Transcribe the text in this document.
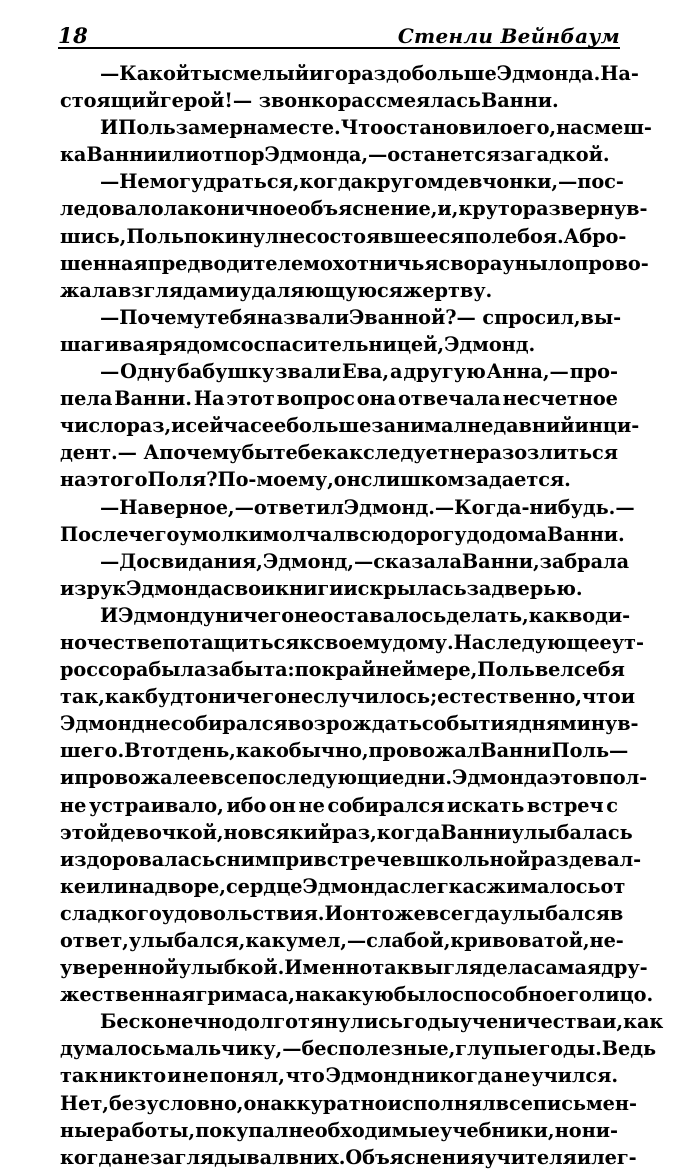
18	Стенли Вейнбаум

— Какой ты смелый и гораздо больше Эдмонда. На-
стоящий герой! — звонко рассмеялась Ванни.

И Поль замер на месте. Что остановило его, насмеш-
ка Ванни или отпор Эдмонда,— останется загадкой.

— Не могу драться, когда кругом девчонки,— пос-
ледовало лаконичное объяснение, и, круто развернув-
шись, Поль покинул несостоявшееся поле боя. А бро-
шенная предводителем охотничья свора уныло прово-
жала взглядами удаляющуюся жертву.

— Почему тебя назвали Эванной? — спросил, вы-
шагивая рядом со спасительницей, Эдмонд.

— Одну бабушку звали Ева, а другую Анна,— про-
пела Ванни. На этот вопрос она отвечала несчетное
число раз, и сейчас ее больше занимал недавний инци-
дент.— А почему бы тебе как следует не разозлиться
на этого Поля? По-моему, он слишком задается.

— Наверное,— ответил Эдмонд.— Когда-нибудь.—
После чего умолк и молчал всю дорогу до дома Ванни.

— До свидания, Эдмонд,— сказала Ванни, забрала
из рук Эдмонда свои книги и скрылась за дверью.

И Эдмонду ничего не оставалось делать, как в оди-
ночестве потащиться к своему дому. На следующее ут-
ро ссора была забыта: по крайней мере, Поль вел себя
так, как будто ничего не случилось; естественно, что и
Эдмонд не собирался возрождать события дня минув-
шего. В тот день, как обычно, провожал Ванни Поль —
и провожал ее все последующие дни. Эдмонда это впол-
не устраивало, ибо он не собирался искать встреч с
этой девочкой, но всякий раз, когда Ванни улыбалась
и здоровалась с ним при встрече в школьной раздевал-
ке или на дворе, сердце Эдмонда слегка сжималось от
сладкого удовольствия. И он тоже всегда улыбался в
ответ, улыбался, как умел,— слабой, кривоватой, не-
уверенной улыбкой. Именно так выглядела самая дру-
жественная гримаса, на какую было способно его лицо.

Бесконечно долго тянулись годы ученичества и, как
думалось мальчику,— бесполезные, глупые годы. Ведь
так никто и не понял, что Эдмонд никогда не учился.
Нет, безусловно, он аккуратно исполнял все письмен-
ные работы, покупал необходимые учебники, но ни-
когда не заглядывал в них. Объяснения учителя и лег-
